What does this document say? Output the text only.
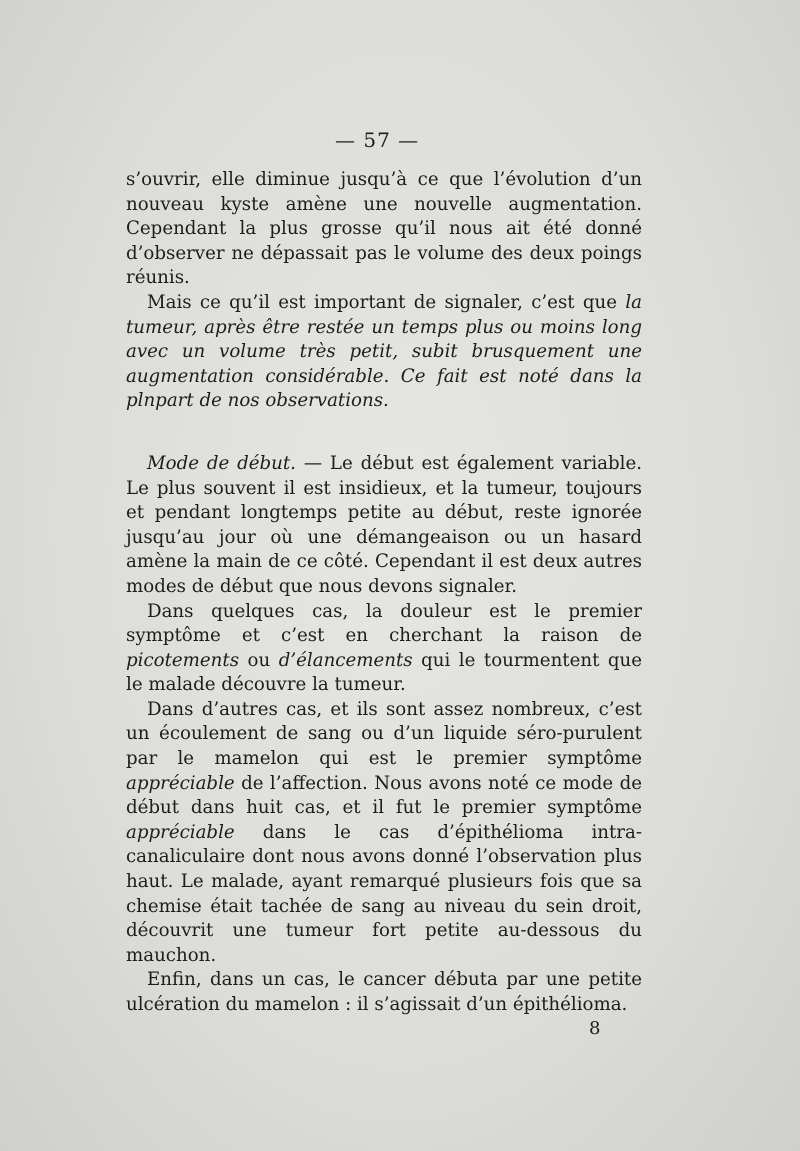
— 57 —

s’ouvrir, elle diminue jusqu’à ce que l’évolution d’un nouveau kyste amène une nouvelle augmentation. Cependant la plus grosse qu’il nous ait été donné d’observer ne dépassait pas le volume des deux poings réunis.

Mais ce qu’il est important de signaler, c’est que la tumeur, après être restée un temps plus ou moins long avec un volume très petit, subit brusquement une augmentation considérable. Ce fait est noté dans la plnpart de nos observations.

Mode de début. — Le début est également variable. Le plus souvent il est insidieux, et la tumeur, toujours et pendant longtemps petite au début, reste ignorée jusqu’au jour où une démangeaison ou un hasard amène la main de ce côté. Cependant il est deux autres modes de début que nous devons signaler.

Dans quelques cas, la douleur est le premier symptôme et c’est en cherchant la raison de picotements ou d’élancements qui le tourmentent que le malade découvre la tumeur.

Dans d’autres cas, et ils sont assez nombreux, c’est un écoulement de sang ou d’un liquide séro-purulent par le mamelon qui est le premier symptôme appréciable de l’affection. Nous avons noté ce mode de début dans huit cas, et il fut le premier symptôme appréciable dans le cas d’épithélioma intra-canaliculaire dont nous avons donné l’observation plus haut. Le malade, ayant remarqué plusieurs fois que sa chemise était tachée de sang au niveau du sein droit, découvrit une tumeur fort petite au-dessous du mauchon.

Enfin, dans un cas, le cancer débuta par une petite ulcération du mamelon : il s’agissait d’un épithélioma.

8
